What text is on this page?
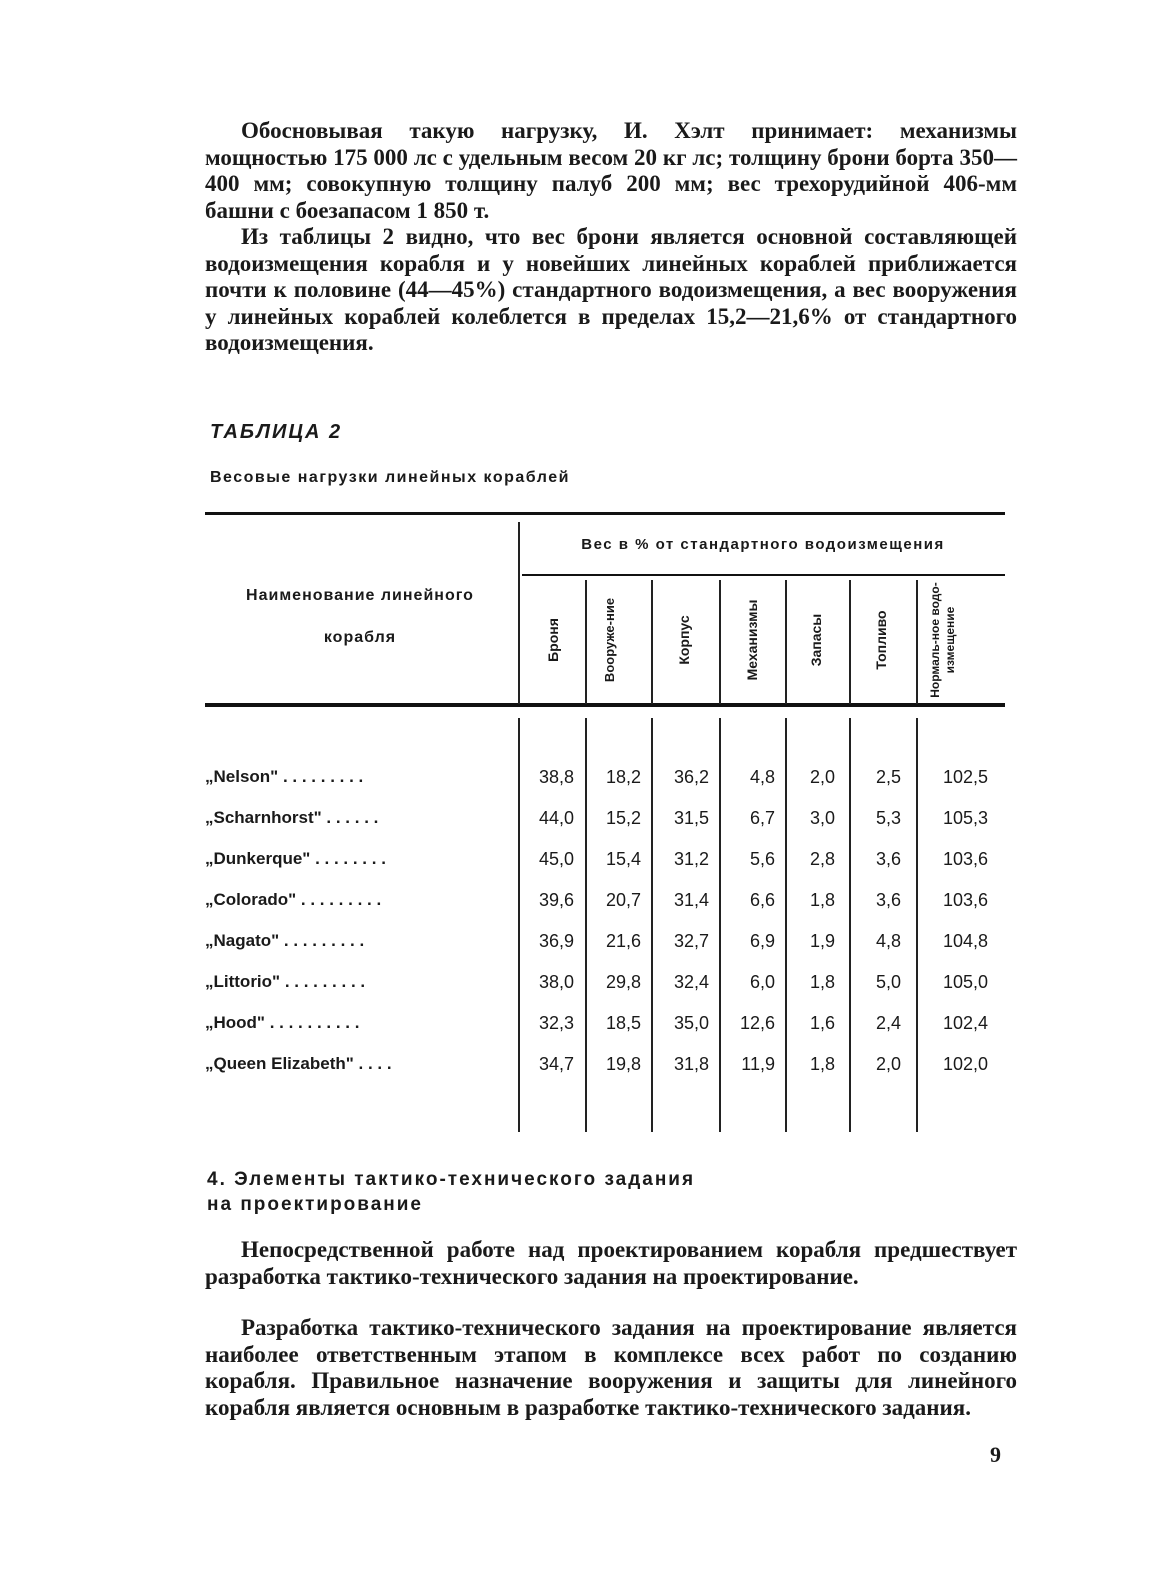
Обосновывая такую нагрузку, И. Хэлт принимает: механизмы мощностью 175 000 лс с удельным весом 20 кг лс; толщину брони борта 350—400 мм; совокупную толщину палуб 200 мм; вес трехорудийной 406-мм башни с боезапасом 1 850 т.

Из таблицы 2 видно, что вес брони является основной составляющей водоизмещения корабля и у новейших линейных кораблей приближается почти к половине (44—45%) стандартного водоизмещения, а вес вооружения у линейных кораблей колеблется в пределах 15,2—21,6% от стандартного водоизмещения.

ТАБЛИЦА 2
Весовые нагрузки линейных кораблей
Наименование линейного
корабля
Вес в % от стандартного водоизмещения
Броня	Вооруже-ние	Корпус	Механизмы	Запасы	Топливо	Нормаль-ное водо-измещение
„Nelson" . . . . . . . . .	38,8	18,2	36,2	4,8	2,0	2,5	102,5
„Scharnhorst" . . . . . .	44,0	15,2	31,5	6,7	3,0	5,3	105,3
„Dunkerque" . . . . . . . .	45,0	15,4	31,2	5,6	2,8	3,6	103,6
„Colorado" . . . . . . . . .	39,6	20,7	31,4	6,6	1,8	3,6	103,6
„Nagato" . . . . . . . . .	36,9	21,6	32,7	6,9	1,9	4,8	104,8
„Littorio" . . . . . . . . .	38,0	29,8	32,4	6,0	1,8	5,0	105,0
„Hood" . . . . . . . . . .	32,3	18,5	35,0	12,6	1,6	2,4	102,4
„Queen Elizabeth" . . . .	34,7	19,8	31,8	11,9	1,8	2,0	102,0
4. Элементы тактико-технического задания
на проектирование

Непосредственной работе над проектированием корабля предшествует разработка тактико-технического задания на проектирование.

Разработка тактико-технического задания на проектирование является наиболее ответственным этапом в комплексе всех работ по созданию корабля. Правильное назначение вооружения и защиты для линейного корабля является основным в разработке тактико-технического задания.

9
